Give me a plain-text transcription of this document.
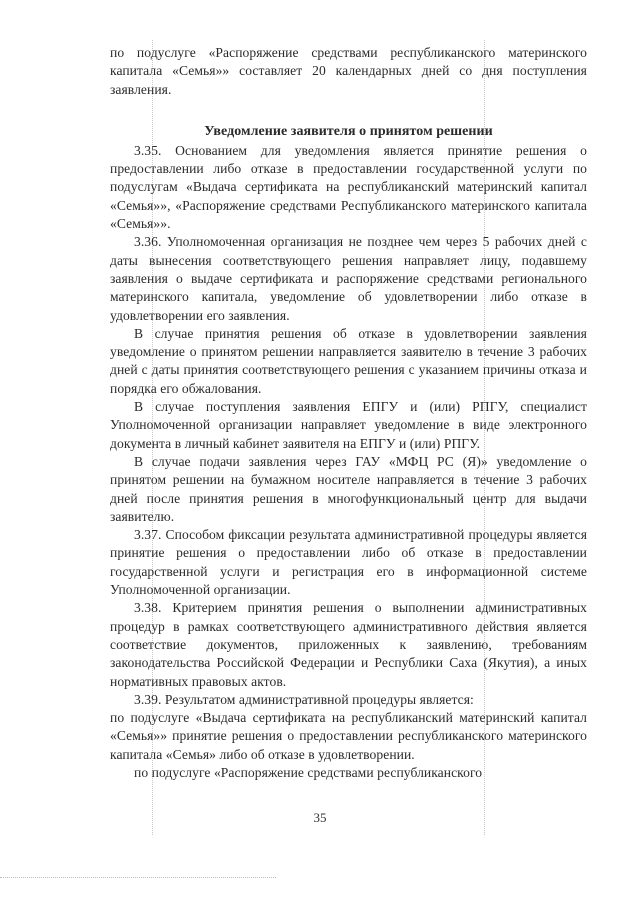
по подуслуге «Распоряжение средствами республиканского материнского капитала «Семья»» составляет 20 календарных дней со дня поступления заявления.

Уведомление заявителя о принятом решении

3.35. Основанием для уведомления является принятие решения о предоставлении либо отказе в предоставлении государственной услуги по подуслугам «Выдача сертификата на республиканский материнский капитал «Семья»», «Распоряжение средствами Республиканского материнского капитала «Семья»».

3.36. Уполномоченная организация не позднее чем через 5 рабочих дней с даты вынесения соответствующего решения направляет лицу, подавшему заявления о выдаче сертификата и распоряжение средствами регионального материнского капитала, уведомление об удовлетворении либо отказе в удовлетворении его заявления.

В случае принятия решения об отказе в удовлетворении заявления уведомление о принятом решении направляется заявителю в течение 3 рабочих дней с даты принятия соответствующего решения с указанием причины отказа и порядка его обжалования.

В случае поступления заявления ЕПГУ и (или) РПГУ, специалист Уполномоченной организации направляет уведомление в виде электронного документа в личный кабинет заявителя на ЕПГУ и (или) РПГУ.

В случае подачи заявления через ГАУ «МФЦ РС (Я)» уведомление о принятом решении на бумажном носителе направляется в течение 3 рабочих дней после принятия решения в многофункциональный центр для выдачи заявителю.

3.37. Способом фиксации результата административной процедуры является принятие решения о предоставлении либо об отказе в предоставлении государственной услуги и регистрация его в информационной системе Уполномоченной организации.

3.38. Критерием принятия решения о выполнении административных процедур в рамках соответствующего административного действия является соответствие документов, приложенных к заявлению, требованиям законодательства Российской Федерации и Республики Саха (Якутия), а иных нормативных правовых актов.

3.39. Результатом административной процедуры является:

по подуслуге «Выдача сертификата на республиканский материнский капитал «Семья»» принятие решения о предоставлении республиканского материнского капитала «Семья» либо об отказе в удовлетворении.

по подуслуге «Распоряжение средствами республиканского

35
